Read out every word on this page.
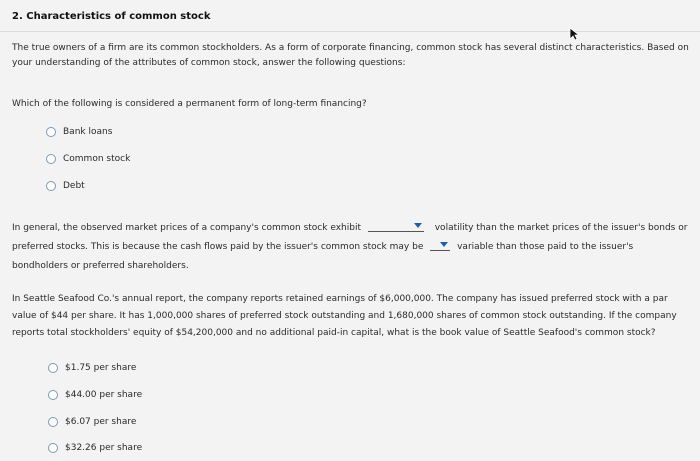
2. Characteristics of common stock
The true owners of a firm are its common stockholders. As a form of corporate financing, common stock has several distinct characteristics. Based on your understanding of the attributes of common stock, answer the following questions:
Which of the following is considered a permanent form of long-term financing?
Bank loans
Common stock
Debt
In general, the observed market prices of a company's common stock exhibit	volatility than the market prices of the issuer's bonds or preferred stocks. This is because the cash flows paid by the issuer's common stock may be	variable than those paid to the issuer's bondholders or preferred shareholders.
In Seattle Seafood Co.'s annual report, the company reports retained earnings of $6,000,000. The company has issued preferred stock with a par value of $44 per share. It has 1,000,000 shares of preferred stock outstanding and 1,680,000 shares of common stock outstanding. If the company reports total stockholders' equity of $54,200,000 and no additional paid-in capital, what is the book value of Seattle Seafood's common stock?
$1.75 per share
$44.00 per share
$6.07 per share
$32.26 per share
